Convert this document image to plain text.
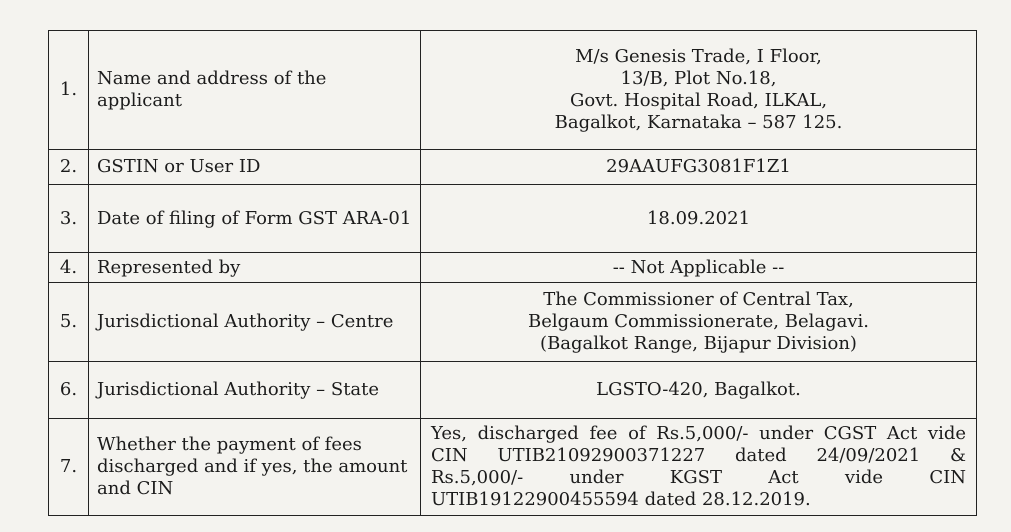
1.	Name and address of the applicant	M/s Genesis Trade, I Floor,
13/B, Plot No.18,
Govt. Hospital Road, ILKAL,
Bagalkot, Karnataka – 587 125.

2.	GSTIN or User ID	29AAUFG3081F1Z1

3.	Date of filing of Form GST ARA-01	18.09.2021

4.	Represented by	-- Not Applicable --

5.	Jurisdictional Authority – Centre	The Commissioner of Central Tax,
Belgaum Commissionerate, Belagavi.
(Bagalkot Range, Bijapur Division)

6.	Jurisdictional Authority – State	LGSTO-420, Bagalkot.

7.	Whether the payment of fees discharged and if yes, the amount and CIN	Yes, discharged fee of Rs.5,000/- under CGST Act vide CIN UTIB21092900371227 dated 24/09/2021 & Rs.5,000/- under KGST Act vide CIN UTIB19122900455594 dated 28.12.2019.
